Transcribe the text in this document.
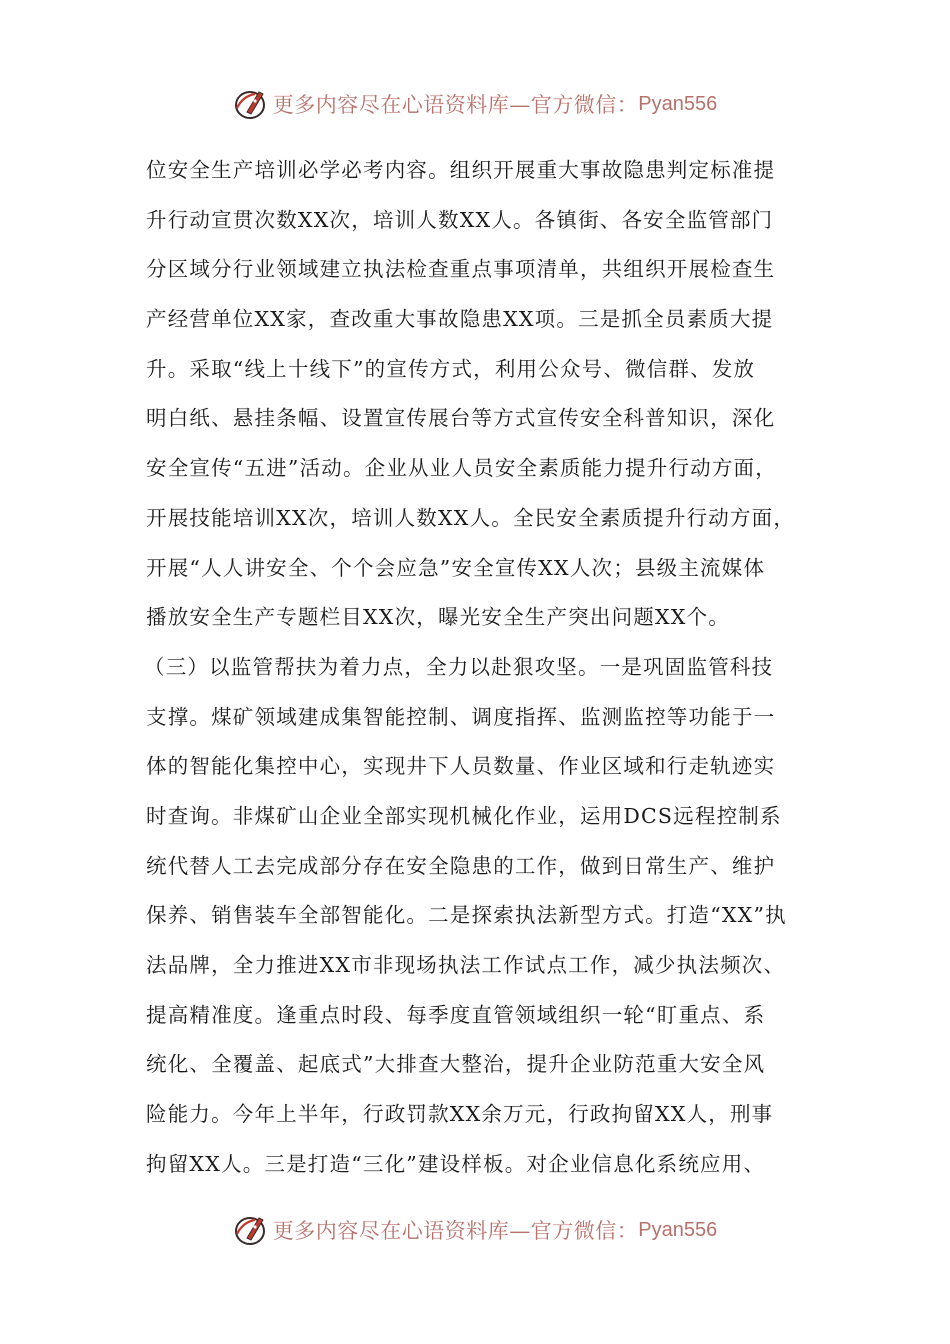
更多内容尽在心语资料库—官方微信： Pyan556
位安全生产培训必学必考内容。组织开展重大事故隐患判定标准提
升行动宣贯次数XX次，培训人数XX人。各镇街、各安全监管部门
分区域分行业领域建立执法检查重点事项清单，共组织开展检查生
产经营单位XX家，查改重大事故隐患XX项。三是抓全员素质大提
升。采取“线上十线下”的宣传方式，利用公众号、微信群、发放
明白纸、悬挂条幅、设置宣传展台等方式宣传安全科普知识，深化
安全宣传“五进”活动。企业从业人员安全素质能力提升行动方面，
开展技能培训XX次，培训人数XX人。全民安全素质提升行动方面，
开展“人人讲安全、个个会应急”安全宣传XX人次；县级主流媒体
播放安全生产专题栏目XX次，曝光安全生产突出问题XX个。
（三）以监管帮扶为着力点，全力以赴狠攻坚。一是巩固监管科技
支撑。煤矿领域建成集智能控制、调度指挥、监测监控等功能于一
体的智能化集控中心，实现井下人员数量、作业区域和行走轨迹实
时查询。非煤矿山企业全部实现机械化作业，运用DCS远程控制系
统代替人工去完成部分存在安全隐患的工作，做到日常生产、维护
保养、销售装车全部智能化。二是探索执法新型方式。打造“XX”执
法品牌，全力推进XX市非现场执法工作试点工作，减少执法频次、
提高精准度。逢重点时段、每季度直管领域组织一轮“盯重点、系
统化、全覆盖、起底式”大排查大整治，提升企业防范重大安全风
险能力。今年上半年，行政罚款XX余万元，行政拘留XX人，刑事
拘留XX人。三是打造“三化”建设样板。对企业信息化系统应用、
更多内容尽在心语资料库—官方微信： Pyan556
